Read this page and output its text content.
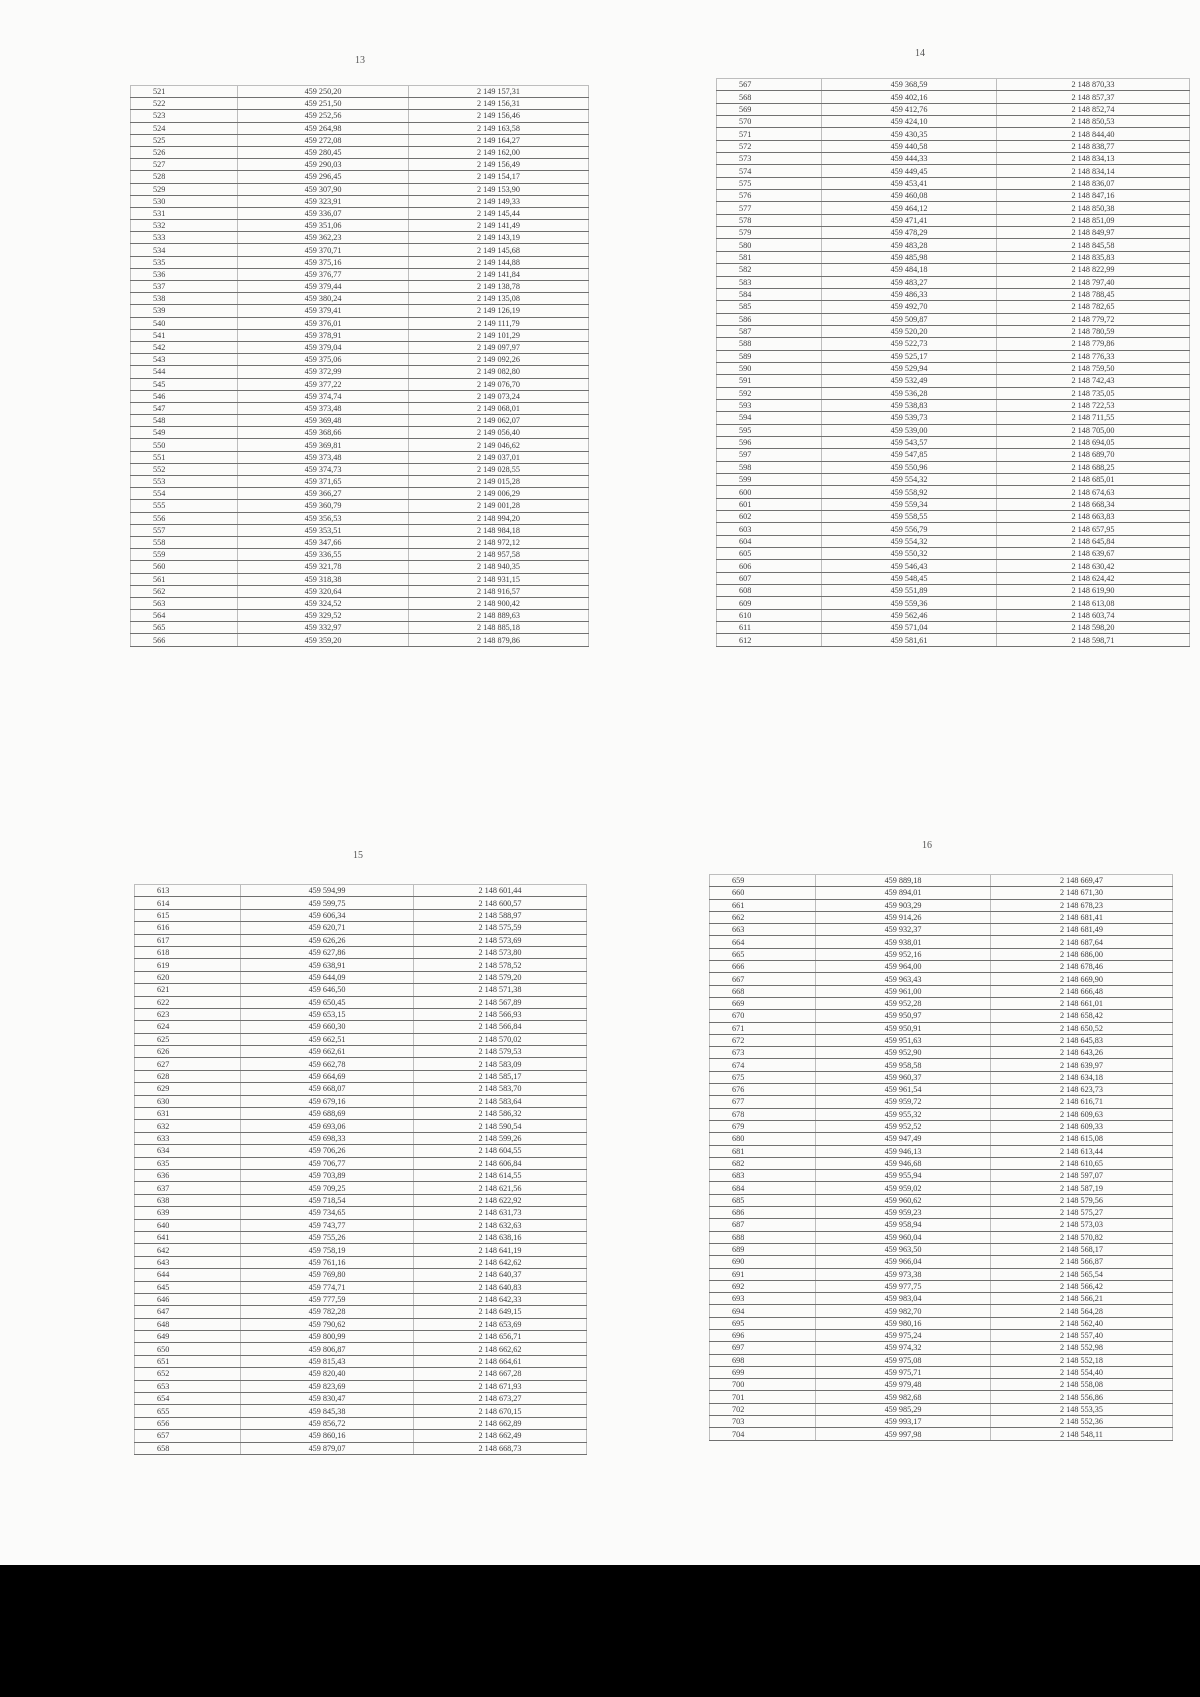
13
521	459 250,20	2 149 157,31
522	459 251,50	2 149 156,31
523	459 252,56	2 149 156,46
524	459 264,98	2 149 163,58
525	459 272,08	2 149 164,27
526	459 280,45	2 149 162,00
527	459 290,03	2 149 156,49
528	459 296,45	2 149 154,17
529	459 307,90	2 149 153,90
530	459 323,91	2 149 149,33
531	459 336,07	2 149 145,44
532	459 351,06	2 149 141,49
533	459 362,23	2 149 143,19
534	459 370,71	2 149 145,68
535	459 375,16	2 149 144,88
536	459 376,77	2 149 141,84
537	459 379,44	2 149 138,78
538	459 380,24	2 149 135,08
539	459 379,41	2 149 126,19
540	459 376,01	2 149 111,79
541	459 378,91	2 149 101,29
542	459 379,04	2 149 097,97
543	459 375,06	2 149 092,26
544	459 372,99	2 149 082,80
545	459 377,22	2 149 076,70
546	459 374,74	2 149 073,24
547	459 373,48	2 149 068,01
548	459 369,48	2 149 062,07
549	459 368,66	2 149 056,40
550	459 369,81	2 149 046,62
551	459 373,48	2 149 037,01
552	459 374,73	2 149 028,55
553	459 371,65	2 149 015,28
554	459 366,27	2 149 006,29
555	459 360,79	2 149 001,28
556	459 356,53	2 148 994,20
557	459 353,51	2 148 984,18
558	459 347,66	2 148 972,12
559	459 336,55	2 148 957,58
560	459 321,78	2 148 940,35
561	459 318,38	2 148 931,15
562	459 320,64	2 148 916,57
563	459 324,52	2 148 900,42
564	459 329,52	2 148 889,63
565	459 332,97	2 148 885,18
566	459 359,20	2 148 879,86
14
567	459 368,59	2 148 870,33
568	459 402,16	2 148 857,37
569	459 412,76	2 148 852,74
570	459 424,10	2 148 850,53
571	459 430,35	2 148 844,40
572	459 440,58	2 148 838,77
573	459 444,33	2 148 834,13
574	459 449,45	2 148 834,14
575	459 453,41	2 148 836,07
576	459 460,08	2 148 847,16
577	459 464,12	2 148 850,38
578	459 471,41	2 148 851,09
579	459 478,29	2 148 849,97
580	459 483,28	2 148 845,58
581	459 485,98	2 148 835,83
582	459 484,18	2 148 822,99
583	459 483,27	2 148 797,40
584	459 486,33	2 148 788,45
585	459 492,70	2 148 782,65
586	459 509,87	2 148 779,72
587	459 520,20	2 148 780,59
588	459 522,73	2 148 779,86
589	459 525,17	2 148 776,33
590	459 529,94	2 148 759,50
591	459 532,49	2 148 742,43
592	459 536,28	2 148 735,05
593	459 538,83	2 148 722,53
594	459 539,73	2 148 711,55
595	459 539,00	2 148 705,00
596	459 543,57	2 148 694,05
597	459 547,85	2 148 689,70
598	459 550,96	2 148 688,25
599	459 554,32	2 148 685,01
600	459 558,92	2 148 674,63
601	459 559,34	2 148 668,34
602	459 558,55	2 148 663,83
603	459 556,79	2 148 657,95
604	459 554,32	2 148 645,84
605	459 550,32	2 148 639,67
606	459 546,43	2 148 630,42
607	459 548,45	2 148 624,42
608	459 551,89	2 148 619,90
609	459 559,36	2 148 613,08
610	459 562,46	2 148 603,74
611	459 571,04	2 148 598,20
612	459 581,61	2 148 598,71
15
613	459 594,99	2 148 601,44
614	459 599,75	2 148 600,57
615	459 606,34	2 148 588,97
616	459 620,71	2 148 575,59
617	459 626,26	2 148 573,69
618	459 627,86	2 148 573,80
619	459 638,91	2 148 578,52
620	459 644,09	2 148 579,20
621	459 646,50	2 148 571,38
622	459 650,45	2 148 567,89
623	459 653,15	2 148 566,93
624	459 660,30	2 148 566,84
625	459 662,51	2 148 570,02
626	459 662,61	2 148 579,53
627	459 662,78	2 148 583,09
628	459 664,69	2 148 585,17
629	459 668,07	2 148 583,70
630	459 679,16	2 148 583,64
631	459 688,69	2 148 586,32
632	459 693,06	2 148 590,54
633	459 698,33	2 148 599,26
634	459 706,26	2 148 604,55
635	459 706,77	2 148 606,84
636	459 703,89	2 148 614,55
637	459 709,25	2 148 621,56
638	459 718,54	2 148 622,92
639	459 734,65	2 148 631,73
640	459 743,77	2 148 632,63
641	459 755,26	2 148 638,16
642	459 758,19	2 148 641,19
643	459 761,16	2 148 642,62
644	459 769,80	2 148 640,37
645	459 774,71	2 148 640,83
646	459 777,59	2 148 642,33
647	459 782,28	2 148 649,15
648	459 790,62	2 148 653,69
649	459 800,99	2 148 656,71
650	459 806,87	2 148 662,62
651	459 815,43	2 148 664,61
652	459 820,40	2 148 667,28
653	459 823,69	2 148 671,93
654	459 830,47	2 148 673,27
655	459 845,38	2 148 670,15
656	459 856,72	2 148 662,89
657	459 860,16	2 148 662,49
658	459 879,07	2 148 668,73
16
659	459 889,18	2 148 669,47
660	459 894,01	2 148 671,30
661	459 903,29	2 148 678,23
662	459 914,26	2 148 681,41
663	459 932,37	2 148 681,49
664	459 938,01	2 148 687,64
665	459 952,16	2 148 686,00
666	459 964,00	2 148 678,46
667	459 963,43	2 148 669,90
668	459 961,00	2 148 666,48
669	459 952,28	2 148 661,01
670	459 950,97	2 148 658,42
671	459 950,91	2 148 650,52
672	459 951,63	2 148 645,83
673	459 952,90	2 148 643,26
674	459 958,58	2 148 639,97
675	459 960,37	2 148 634,18
676	459 961,54	2 148 623,73
677	459 959,72	2 148 616,71
678	459 955,32	2 148 609,63
679	459 952,52	2 148 609,33
680	459 947,49	2 148 615,08
681	459 946,13	2 148 613,44
682	459 946,68	2 148 610,65
683	459 955,94	2 148 597,07
684	459 959,02	2 148 587,19
685	459 960,62	2 148 579,56
686	459 959,23	2 148 575,27
687	459 958,94	2 148 573,03
688	459 960,04	2 148 570,82
689	459 963,50	2 148 568,17
690	459 966,04	2 148 566,87
691	459 973,38	2 148 565,54
692	459 977,75	2 148 566,42
693	459 983,04	2 148 566,21
694	459 982,70	2 148 564,28
695	459 980,16	2 148 562,40
696	459 975,24	2 148 557,40
697	459 974,32	2 148 552,98
698	459 975,08	2 148 552,18
699	459 975,71	2 148 554,40
700	459 979,48	2 148 558,08
701	459 982,68	2 148 556,86
702	459 985,29	2 148 553,35
703	459 993,17	2 148 552,36
704	459 997,98	2 148 548,11
